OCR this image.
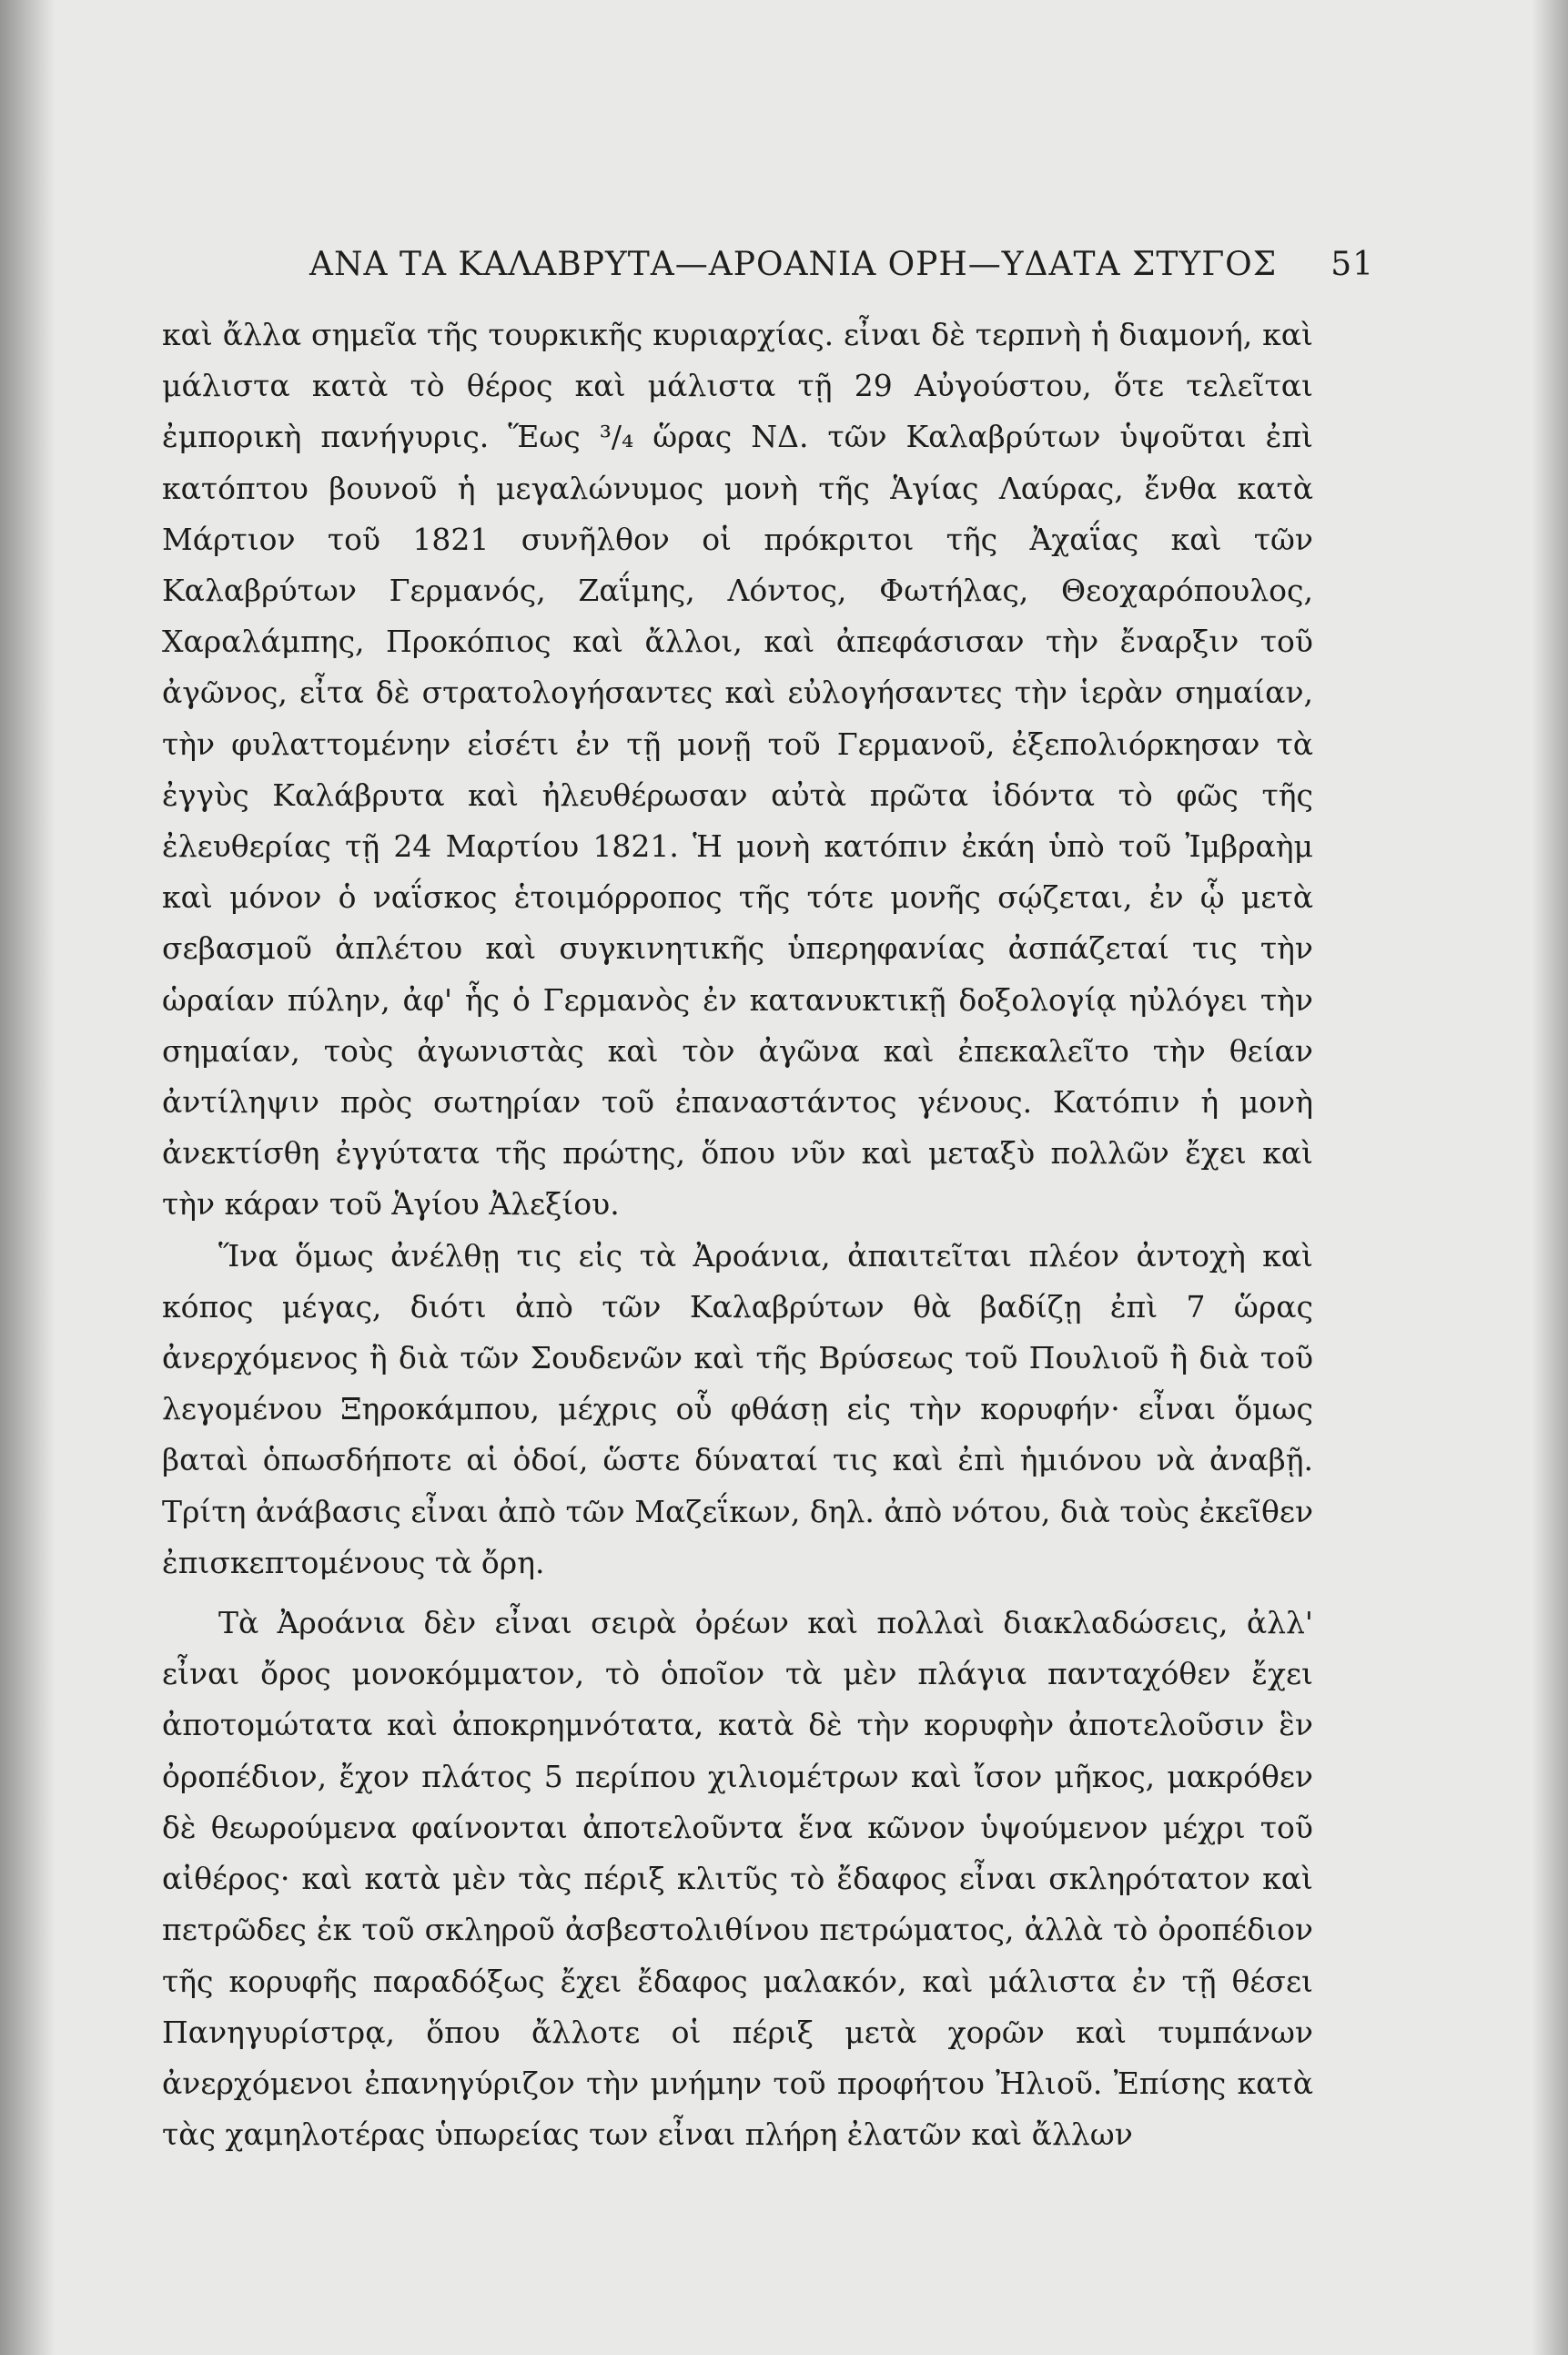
ΑΝΑ ΤΑ ΚΑΛΑΒΡΥΤΑ—ΑΡΟΑΝΙΑ ΟΡΗ—ΥΔΑΤΑ ΣΤΥΓΟΣ 51

καὶ ἄλλα σημεῖα τῆς τουρκικῆς κυριαρχίας. εἶναι δὲ τερπνὴ ἡ διαμονή, καὶ μάλιστα κατὰ τὸ θέρος καὶ μάλιστα τῇ 29 Αὐγούστου, ὅτε τελεῖται ἐμπορικὴ πανήγυρις. Ἕως ³/₄ ὥρας ΝΔ. τῶν Καλαβρύτων ὑψοῦται ἐπὶ κατόπτου βουνοῦ ἡ μεγαλώνυμος μονὴ τῆς Ἁγίας Λαύρας, ἔνθα κατὰ Μάρτιον τοῦ 1821 συνῆλθον οἱ πρόκριτοι τῆς Ἀχαΐας καὶ τῶν Καλαβρύτων Γερμανός, Ζαΐμης, Λόντος, Φωτήλας, Θεοχαρόπουλος, Χαραλάμπης, Προκόπιος καὶ ἄλλοι, καὶ ἀπεφάσισαν τὴν ἔναρξιν τοῦ ἀγῶνος, εἶτα δὲ στρατολογήσαντες καὶ εὐλογήσαντες τὴν ἱερὰν σημαίαν, τὴν φυλαττομένην εἰσέτι ἐν τῇ μονῇ τοῦ Γερμανοῦ, ἐξεπολιόρκησαν τὰ ἐγγὺς Καλάβρυτα καὶ ἠλευθέρωσαν αὐτὰ πρῶτα ἰδόντα τὸ φῶς τῆς ἐλευθερίας τῇ 24 Μαρτίου 1821. Ἡ μονὴ κατόπιν ἐκάη ὑπὸ τοῦ Ἰμβραὴμ καὶ μόνον ὁ ναΐσκος ἑτοιμόρροπος τῆς τότε μονῆς σῴζεται, ἐν ᾧ μετὰ σεβασμοῦ ἀπλέτου καὶ συγκινητικῆς ὑπερηφανίας ἀσπάζεταί τις τὴν ὡραίαν πύλην, ἀφ' ἧς ὁ Γερμανὸς ἐν κατανυκτικῇ δοξολογίᾳ ηὐλόγει τὴν σημαίαν, τοὺς ἀγωνιστὰς καὶ τὸν ἀγῶνα καὶ ἐπεκαλεῖτο τὴν θείαν ἀντίληψιν πρὸς σωτηρίαν τοῦ ἐπαναστάντος γένους. Κατόπιν ἡ μονὴ ἀνεκτίσθη ἐγγύτατα τῆς πρώτης, ὅπου νῦν καὶ μεταξὺ πολλῶν ἔχει καὶ τὴν κάραν τοῦ Ἁγίου Ἀλεξίου.

Ἵνα ὅμως ἀνέλθῃ τις εἰς τὰ Ἀροάνια, ἀπαιτεῖται πλέον ἀντοχὴ καὶ κόπος μέγας, διότι ἀπὸ τῶν Καλαβρύτων θὰ βαδίζῃ ἐπὶ 7 ὥρας ἀνερχόμενος ἢ διὰ τῶν Σουδενῶν καὶ τῆς Βρύσεως τοῦ Πουλιοῦ ἢ διὰ τοῦ λεγομένου Ξηροκάμπου, μέχρις οὗ φθάσῃ εἰς τὴν κορυφήν· εἶναι ὅμως βαταὶ ὁπωσδήποτε αἱ ὁδοί, ὥστε δύναταί τις καὶ ἐπὶ ἡμιόνου νὰ ἀναβῇ. Τρίτη ἀνάβασις εἶναι ἀπὸ τῶν Μαζεΐκων, δηλ. ἀπὸ νότου, διὰ τοὺς ἐκεῖθεν ἐπισκεπτομένους τὰ ὄρη.

Τὰ Ἀροάνια δὲν εἶναι σειρὰ ὀρέων καὶ πολλαὶ διακλαδώσεις, ἀλλ' εἶναι ὄρος μονοκόμματον, τὸ ὁποῖον τὰ μὲν πλάγια πανταχόθεν ἔχει ἀποτομώτατα καὶ ἀποκρημνότατα, κατὰ δὲ τὴν κορυφὴν ἀποτελοῦσιν ἓν ὀροπέδιον, ἔχον πλάτος 5 περίπου χιλιομέτρων καὶ ἴσον μῆκος, μακρόθεν δὲ θεωρούμενα φαίνονται ἀποτελοῦντα ἕνα κῶνον ὑψούμενον μέχρι τοῦ αἰθέρος· καὶ κατὰ μὲν τὰς πέριξ κλιτῦς τὸ ἔδαφος εἶναι σκληρότατον καὶ πετρῶδες ἐκ τοῦ σκληροῦ ἀσβεστολιθίνου πετρώματος, ἀλλὰ τὸ ὀροπέδιον τῆς κορυφῆς παραδόξως ἔχει ἔδαφος μαλακόν, καὶ μάλιστα ἐν τῇ θέσει Πανηγυρίστρᾳ, ὅπου ἄλλοτε οἱ πέριξ μετὰ χορῶν καὶ τυμπάνων ἀνερχόμενοι ἐπανηγύριζον τὴν μνήμην τοῦ προφήτου Ἠλιοῦ. Ἐπίσης κατὰ τὰς χαμηλοτέρας ὑπωρείας των εἶναι πλήρη ἐλατῶν καὶ ἄλλων
